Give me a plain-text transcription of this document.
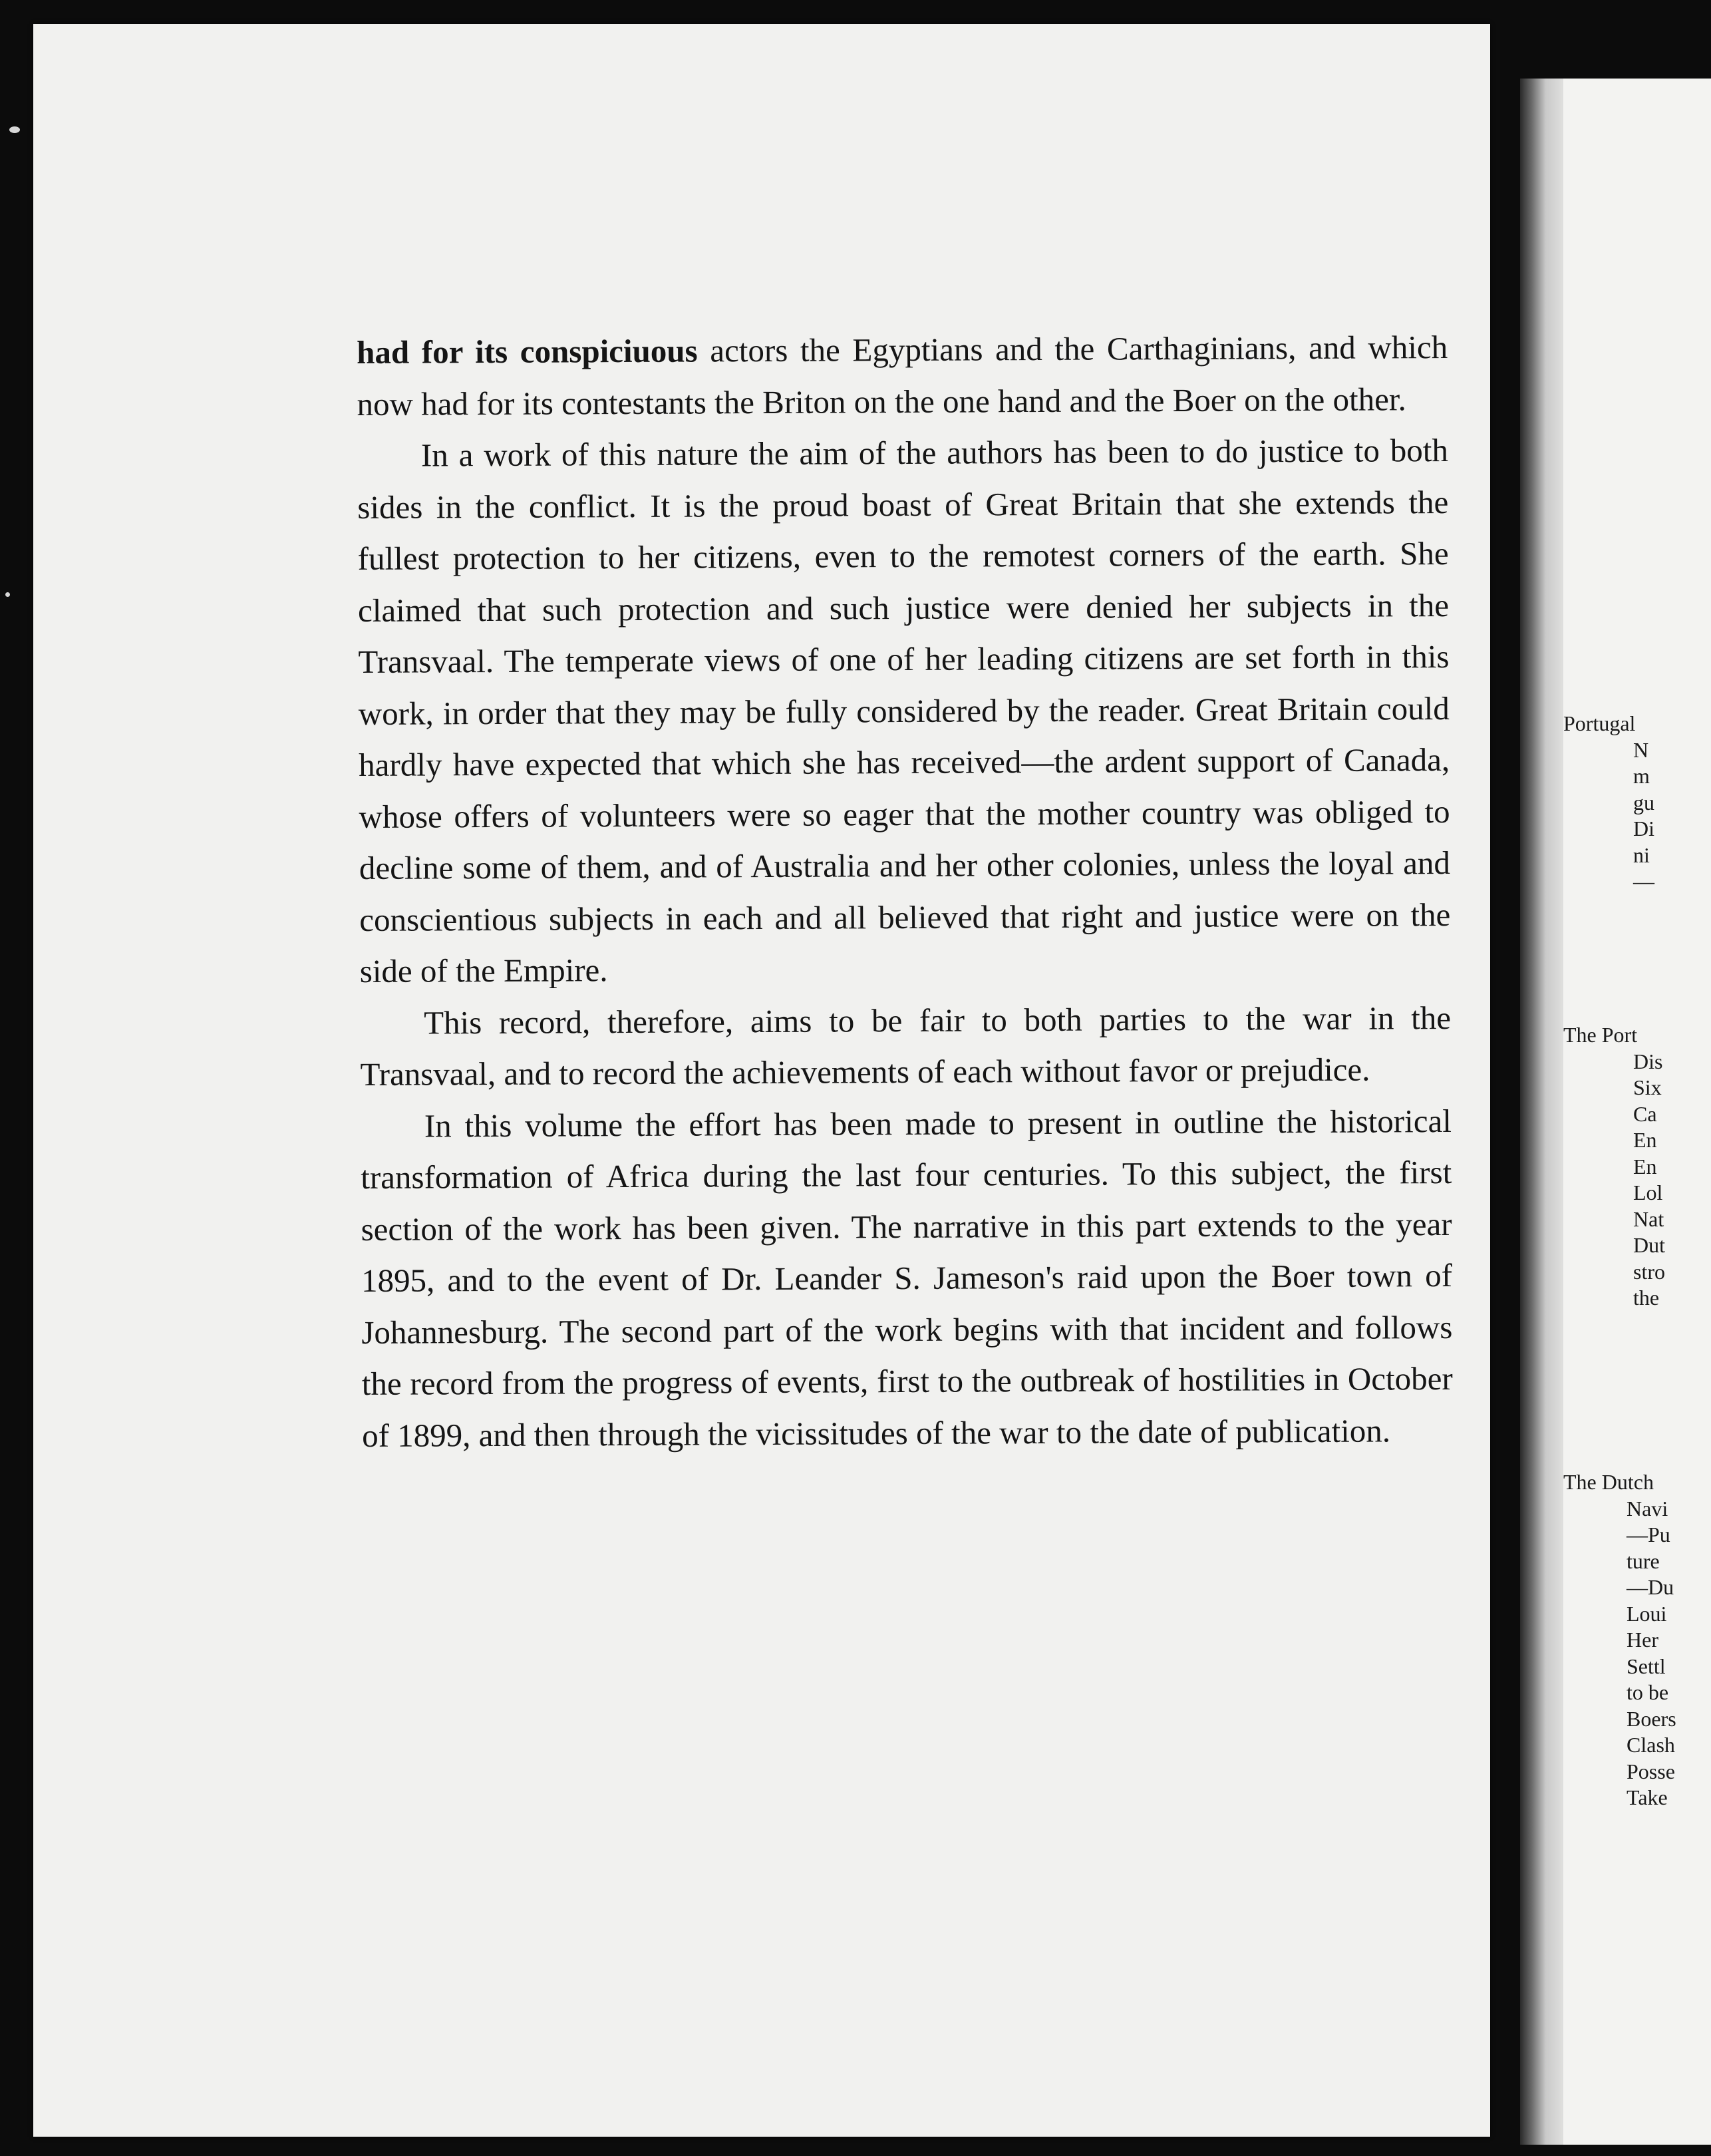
had for its conspiciuous actors the Egyptians and the Carthaginians, and which now had for its contestants the Briton on the one hand and the Boer on the other.

In a work of this nature the aim of the authors has been to do justice to both sides in the conflict. It is the proud boast of Great Britain that she extends the fullest protection to her citizens, even to the remotest corners of the earth. She claimed that such protection and such justice were denied her subjects in the Transvaal. The temperate views of one of her leading citizens are set forth in this work, in order that they may be fully considered by the reader. Great Britain could hardly have expected that which she has received—the ardent support of Canada, whose offers of volunteers were so eager that the mother country was obliged to decline some of them, and of Australia and her other colonies, unless the loyal and conscientious subjects in each and all believed that right and justice were on the side of the Empire.

This record, therefore, aims to be fair to both parties to the war in the Transvaal, and to record the achievements of each without favor or prejudice.

In this volume the effort has been made to present in outline the historical transformation of Africa during the last four centuries. To this subject, the first section of the work has been given. The narrative in this part extends to the year 1895, and to the event of Dr. Leander S. Jameson's raid upon the Boer town of Johannesburg. The second part of the work begins with that incident and follows the record from the progress of events, first to the outbreak of hostilities in October of 1899, and then through the vicissitudes of the war to the date of publication.

Portugal
N
m
gu
Di
ni
—
The Port
Dis
Six
Ca
En
En
Lol
Nat
Dut
stro
the
The Dutch
Navi
—Pu
ture
—Du
Loui
Her
Settl
to be
Boers
Clash
Posse
Take
